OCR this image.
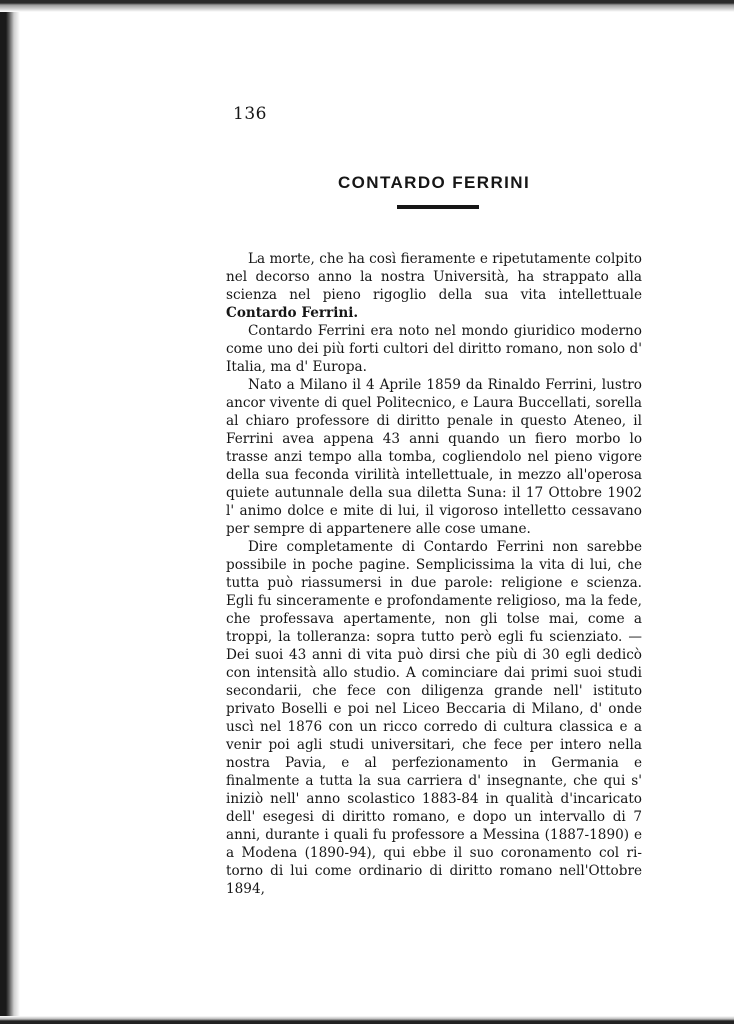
136
CONTARDO FERRINI

La morte, che ha così fieramente e ripetutamente colpito nel decorso anno la nostra Università, ha strappato alla scienza nel pieno rigoglio della sua vita intellettuale Contardo Ferrini.

Contardo Ferrini era noto nel mondo giuridico moderno come uno dei più forti cultori del diritto romano, non solo d' Italia, ma d' Europa.

Nato a Milano il 4 Aprile 1859 da Rinaldo Ferrini, lustro ancor vivente di quel Politecnico, e Laura Buccellati, sorella al chiaro professore di diritto penale in questo Ateneo, il Ferrini avea appena 43 anni quando un fiero morbo lo trasse anzi tempo alla tomba, cogliendolo nel pieno vigore della sua feconda virilità intellettuale, in mezzo all'operosa quiete autunnale della sua diletta Suna: il 17 Ottobre 1902 l' animo dolce e mite di lui, il vigoroso intelletto cessavano per sempre di appartenere alle cose umane.

Dire completamente di Contardo Ferrini non sarebbe possibile in poche pagine. Semplicissima la vita di lui, che tutta può riassumersi in due parole: religione e scienza. Egli fu sinceramente e profondamente religioso, ma la fede, che professava apertamente, non gli tolse mai, come a troppi, la tolleranza: sopra tutto però egli fu scienziato. — Dei suoi 43 anni di vita può dirsi che più di 30 egli dedicò con intensità allo studio. A cominciare dai primi suoi studi secondarii, che fece con diligenza grande nell' istituto privato Boselli e poi nel Liceo Beccaria di Milano, d' onde uscì nel 1876 con un ricco corredo di cultura classica e a venir poi agli studi universitari, che fece per intero nella nostra Pavia, e al perfezionamento in Germania e finalmente a tutta la sua carriera d' insegnante, che qui s' iniziò nell' anno scolastico 1883-84 in qualità d'incaricato dell' esegesi di diritto romano, e dopo un intervallo di 7 anni, durante i quali fu professore a Messina (1887-1890) e a Modena (1890-94), qui ebbe il suo coronamento col ritorno di lui come ordinario di diritto romano nell'Ottobre 1894,
